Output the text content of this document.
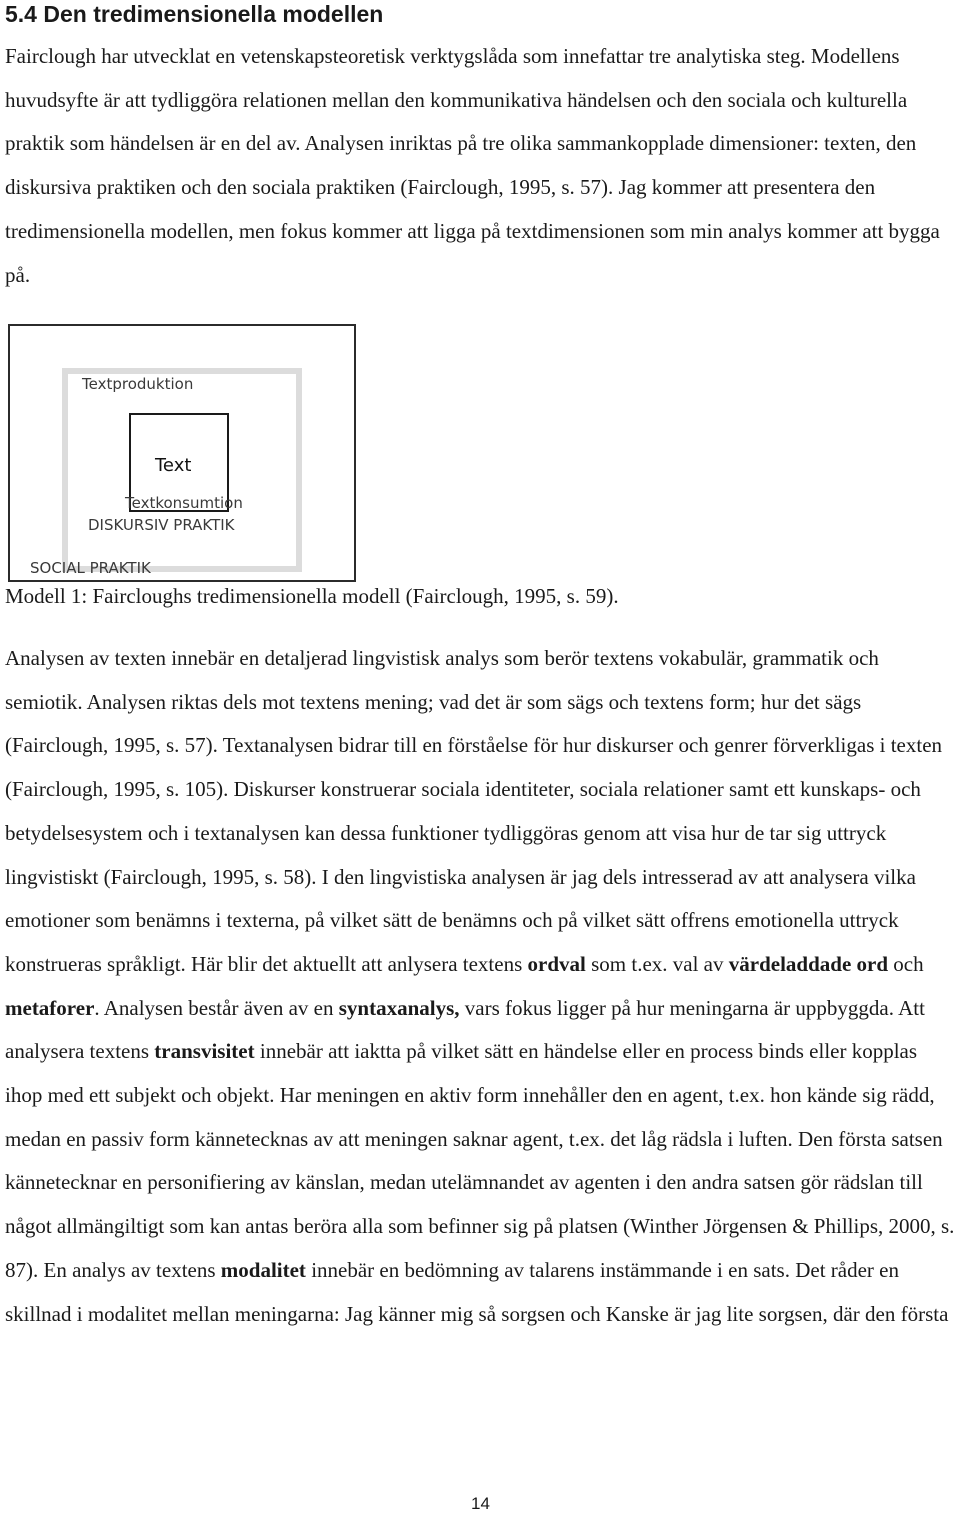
5.4 Den tredimensionella modellen

Fairclough har utvecklat en vetenskapsteoretisk verktygslåda som innefattar tre analytiska steg. Modellens huvudsyfte är att tydliggöra relationen mellan den kommunikativa händelsen och den sociala och kulturella praktik som händelsen är en del av. Analysen inriktas på tre olika sammankopplade dimensioner: texten, den diskursiva praktiken och den sociala praktiken (Fairclough, 1995, s. 57). Jag kommer att presentera den tredimensionella modellen, men fokus kommer att ligga på textdimensionen som min analys kommer att bygga på.

Textproduktion
Text
Textkonsumtion
DISKURSIV PRAKTIK
SOCIAL PRAKTIK

Modell 1: Faircloughs tredimensionella modell (Fairclough, 1995, s. 59).

Analysen av texten innebär en detaljerad lingvistisk analys som berör textens vokabulär, grammatik och semiotik. Analysen riktas dels mot textens mening; vad det är som sägs och textens form; hur det sägs (Fairclough, 1995, s. 57). Textanalysen bidrar till en förståelse för hur diskurser och genrer förverkligas i texten (Fairclough, 1995, s. 105). Diskurser konstruerar sociala identiteter, sociala relationer samt ett kunskaps- och betydelsesystem och i textanalysen kan dessa funktioner tydliggöras genom att visa hur de tar sig uttryck lingvistiskt (Fairclough, 1995, s. 58). I den lingvistiska analysen är jag dels intresserad av att analysera vilka emotioner som benämns i texterna, på vilket sätt de benämns och på vilket sätt offrens emotionella uttryck konstrueras språkligt. Här blir det aktuellt att anlysera textens ordval som t.ex. val av värdeladdade ord och metaforer. Analysen består även av en syntaxanalys, vars fokus ligger på hur meningarna är uppbyggda. Att analysera textens transvisitet innebär att iaktta på vilket sätt en händelse eller en process binds eller kopplas ihop med ett subjekt och objekt. Har meningen en aktiv form innehåller den en agent, t.ex. hon kände sig rädd, medan en passiv form kännetecknas av att meningen saknar agent, t.ex. det låg rädsla i luften. Den första satsen kännetecknar en personifiering av känslan, medan utelämnandet av agenten i den andra satsen gör rädslan till något allmängiltigt som kan antas beröra alla som befinner sig på platsen (Winther Jörgensen & Phillips, 2000, s. 87). En analys av textens modalitet innebär en bedömning av talarens instämmande i en sats. Det råder en skillnad i modalitet mellan meningarna: Jag känner mig så sorgsen och Kanske är jag lite sorgsen, där den första

14
